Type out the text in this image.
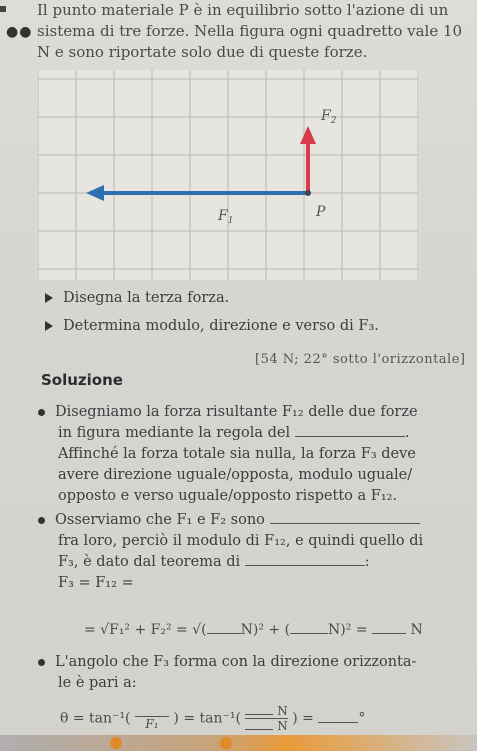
●●
Il punto materiale P è in equilibrio sotto l'azione di un sistema di tre forze. Nella figura ogni quadretto vale 10 N e sono riportate solo due di queste forze.
$F_2$
$F_1$
P
Disegna la terza forza.
Determina modulo, direzione e verso di F₃.
[54 N; 22° sotto l'orizzontale]
Soluzione
Disegniamo la forza risultante F₁₂ delle due forze
in figura mediante la regola del	.
Affinché la forza totale sia nulla, la forza F₃ deve
avere direzione uguale/opposta, modulo uguale/
opposto e verso uguale/opposto rispetto a F₁₂.
Osserviamo che F₁ e F₂ sono
fra loro, perciò il modulo di F₁₂, e quindi quello di
F₃, è dato dal teorema di	:
F₃ = F₁₂ =
= √F₁² + F₂² = √( N)² + (	N)² =	N
L'angolo che F₃ forma con la direzione orizzonta-
le è pari a:
θ = tan⁻¹(	F₁	) = $\tan^{-1}( \frac{N}{N}$ ) =	°
